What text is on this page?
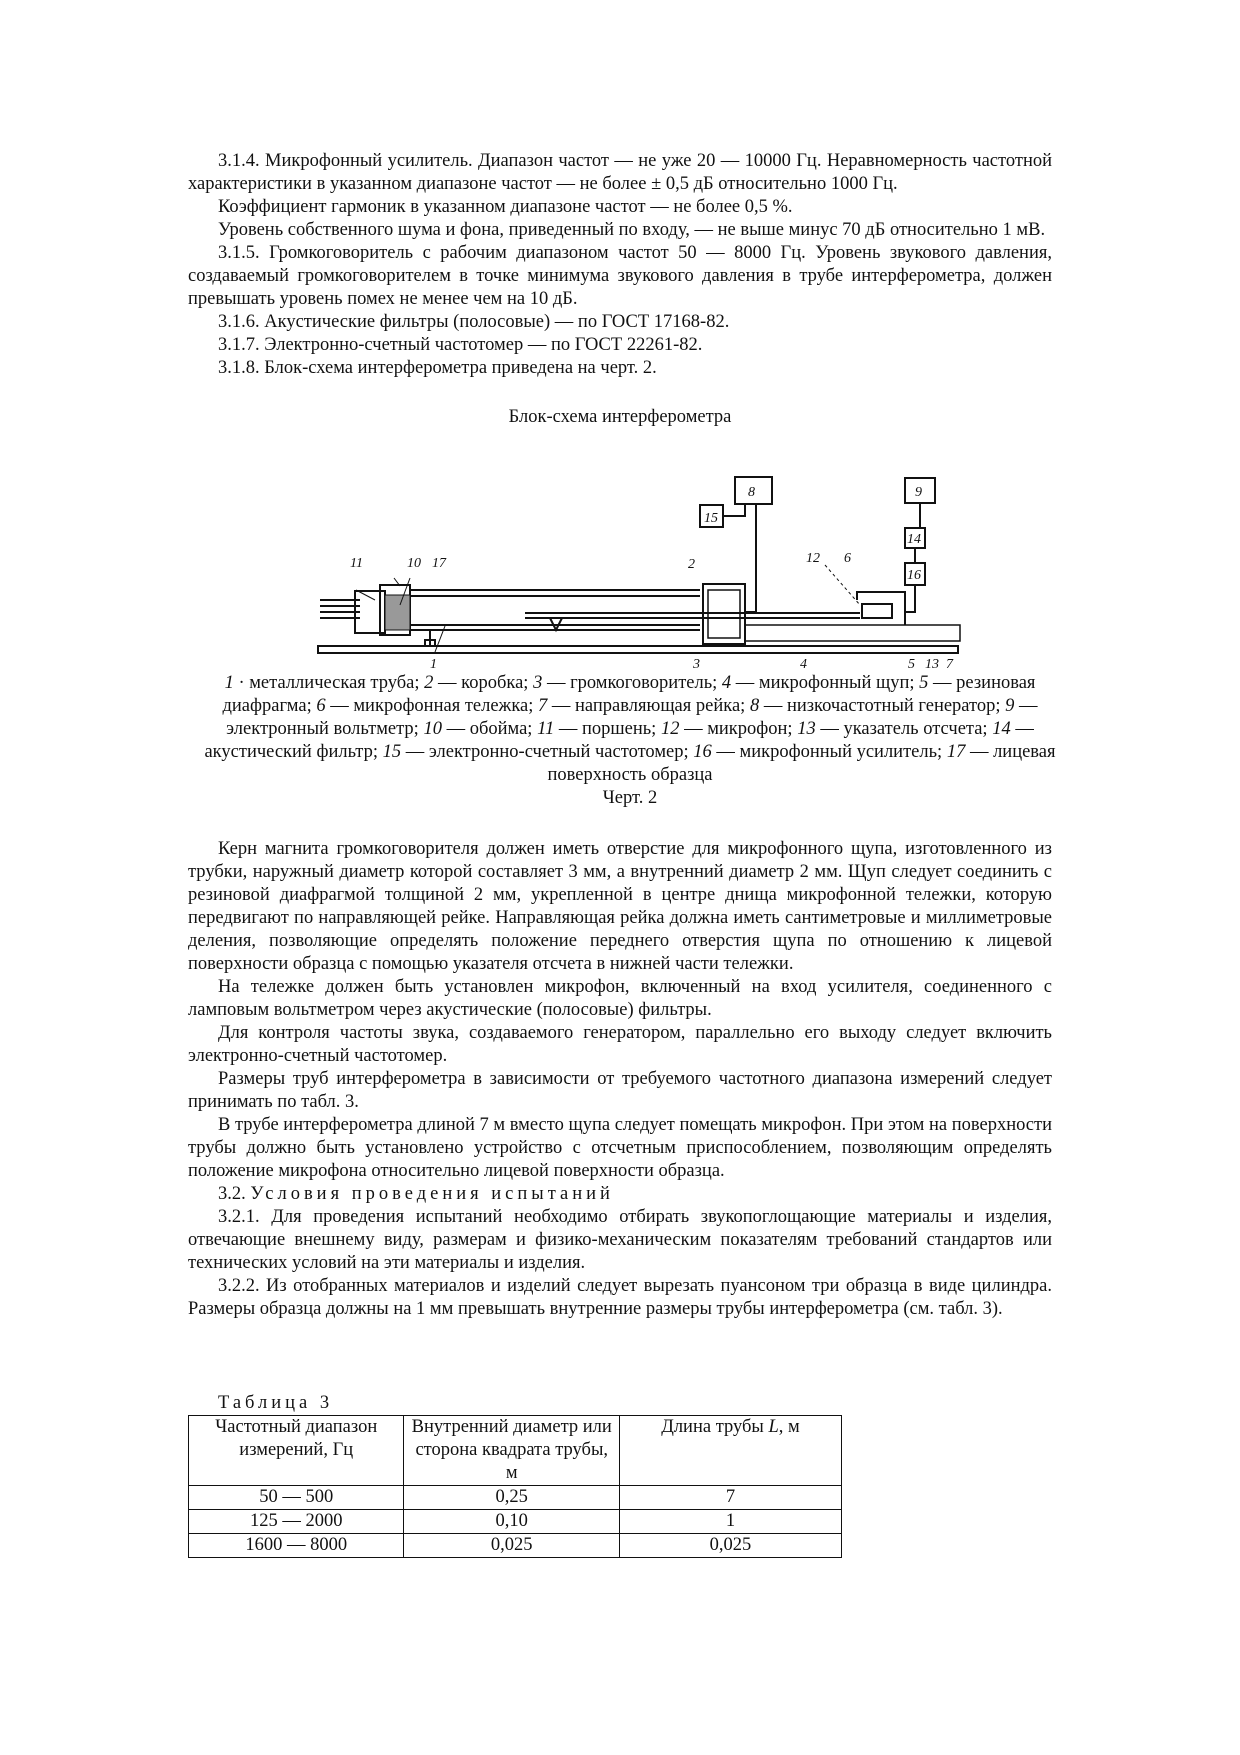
3.1.4. Микрофонный усилитель. Диапазон частот — не уже 20 — 10000 Гц. Неравномерность частотной характеристики в указанном диапазоне частот — не более ± 0,5 дБ относительно 1000 Гц.

Коэффициент гармоник в указанном диапазоне частот — не более 0,5 %.

Уровень собственного шума и фона, приведенный по входу, — не выше минус 70 дБ относительно 1 мВ.

3.1.5. Громкоговоритель с рабочим диапазоном частот 50 — 8000 Гц. Уровень звукового давления, создаваемый громкоговорителем в точке минимума звукового давления в трубе интерферометра, должен превышать уровень помех не менее чем на 10 дБ.

3.1.6. Акустические фильтры (полосовые) — по ГОСТ 17168-82.

3.1.7. Электронно-счетный частотомер — по ГОСТ 22261-82.

3.1.8. Блок-схема интерферометра приведена на черт. 2.

Блок-схема интерферометра

11	10 17	2
8
15
9
14
16
12 6
1	3	4	5 13 7
1 · металлическая труба; 2 — коробка; 3 — громкоговоритель; 4 — микрофонный щуп; 5 — резиновая диафрагма; 6 — микрофонная тележка; 7 — направляющая рейка; 8 — низкочастотный генератор; 9 — электронный вольтметр; 10 — обойма; 11 — поршень; 12 — микрофон; 13 — указатель отсчета; 14 — акустический фильтр; 15 — электронно-счетный частотомер; 16 — микрофонный усилитель; 17 — лицевая поверхность образца
Черт. 2

Керн магнита громкоговорителя должен иметь отверстие для микрофонного щупа, изготовленного из трубки, наружный диаметр которой составляет 3 мм, а внутренний диаметр 2 мм. Щуп следует соединить с резиновой диафрагмой толщиной 2 мм, укрепленной в центре днища микрофонной тележки, которую передвигают по направляющей рейке. Направляющая рейка должна иметь сантиметровые и миллиметровые деления, позволяющие определять положение переднего отверстия щупа по отношению к лицевой поверхности образца с помощью указателя отсчета в нижней части тележки.

На тележке должен быть установлен микрофон, включенный на вход усилителя, соединенного с ламповым вольтметром через акустические (полосовые) фильтры.

Для контроля частоты звука, создаваемого генератором, параллельно его выходу следует включить электронно-счетный частотомер.

Размеры труб интерферометра в зависимости от требуемого частотного диапазона измерений следует принимать по табл. 3.

В трубе интерферометра длиной 7 м вместо щупа следует помещать микрофон. При этом на поверхности трубы должно быть установлено устройство с отсчетным приспособлением, позволяющим определять положение микрофона относительно лицевой поверхности образца.

3.2. Условия проведения испытаний

3.2.1. Для проведения испытаний необходимо отбирать звукопоглощающие материалы и изделия, отвечающие внешнему виду, размерам и физико-механическим показателям требований стандартов или технических условий на эти материалы и изделия.

3.2.2. Из отобранных материалов и изделий следует вырезать пуансоном три образца в виде цилиндра. Размеры образца должны на 1 мм превышать внутренние размеры трубы интерферометра (см. табл. 3).

Таблица 3
Частотный диапазон измерений, Гц	Внутренний диаметр или сторона квадрата трубы, м	Длина трубы L, м
50 — 500	0,25	7
125 — 2000	0,10	1
1600 — 8000	0,025	0,025
